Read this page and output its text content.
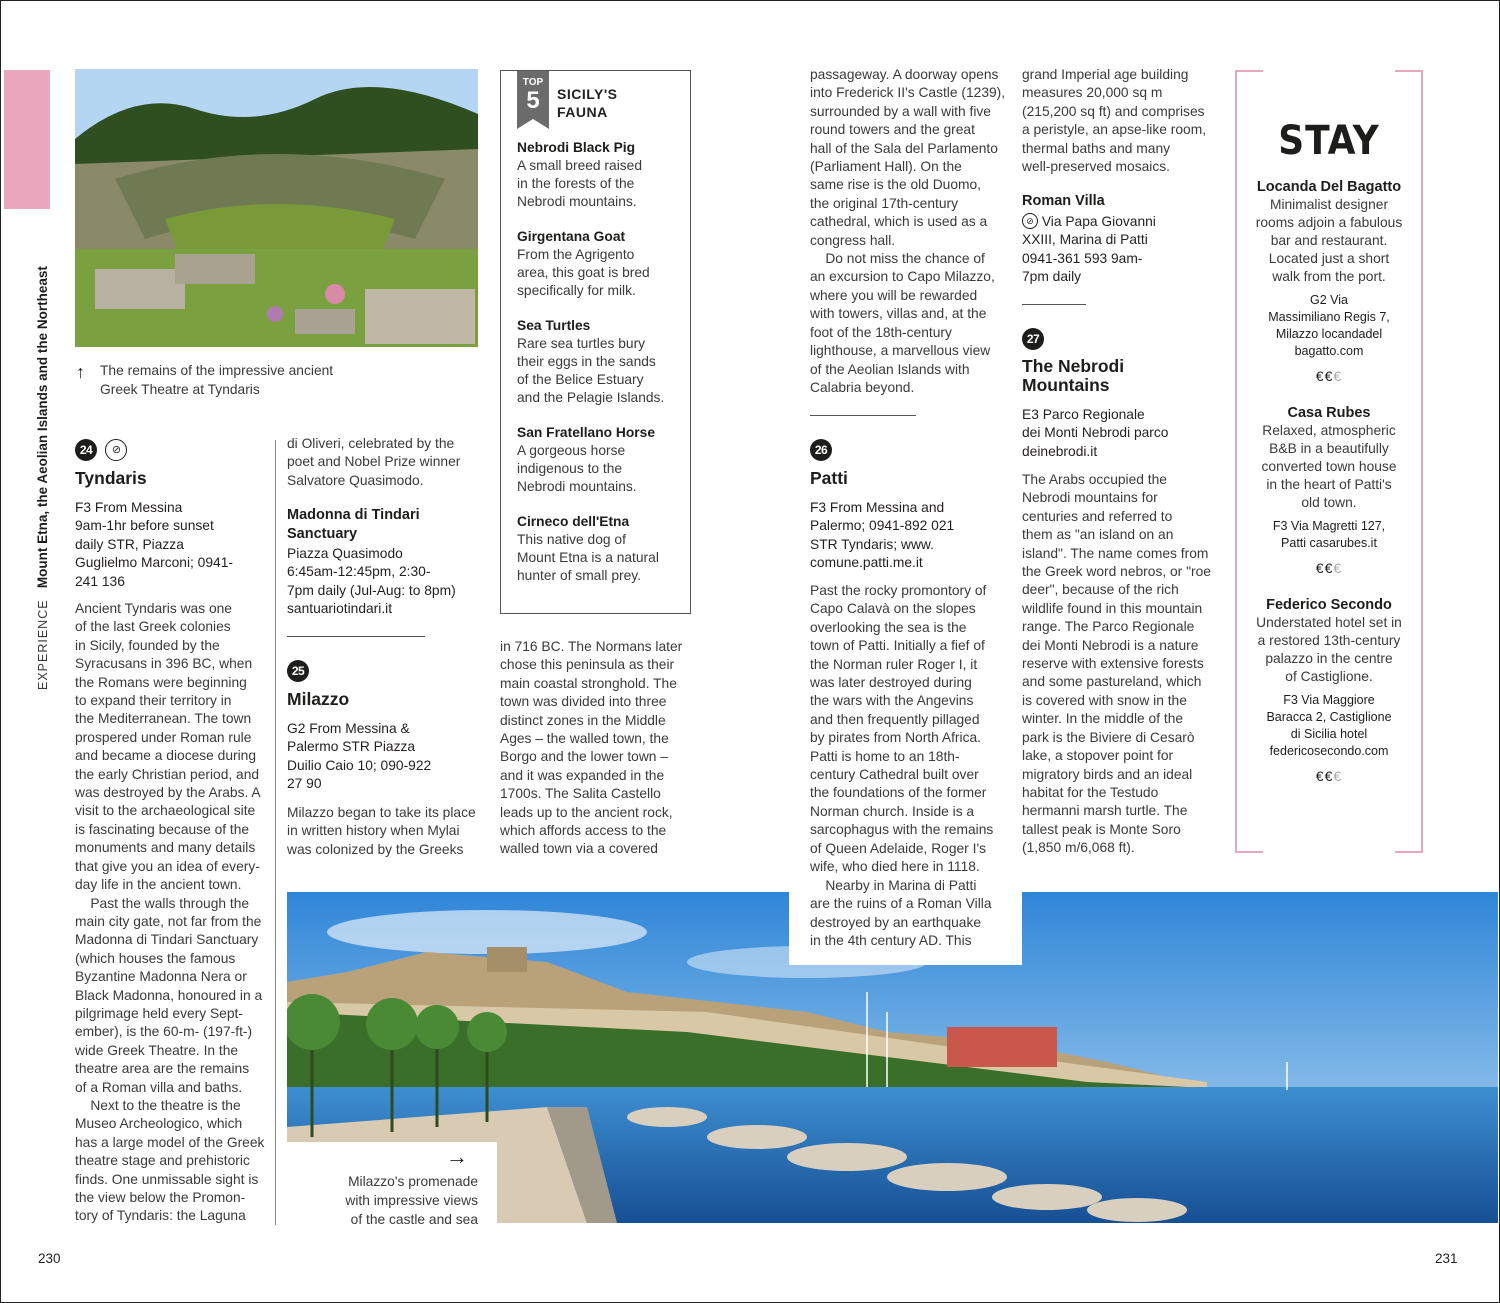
EXPERIENCE   Mount Etna, the Aeolian Islands and the Northeast ↑ The remains of the impressive ancient
Greek Theatre at Tyndaris
24 ⊘
Tyndaris
F3 From Messina
9am-1hr before sunset
daily STR, Piazza
Guglielmo Marconi; 0941-
241 136
Ancient Tyndaris was one
of the last Greek colonies
in Sicily, founded by the
Syracusans in 396 BC, when
the Romans were beginning
to expand their territory in
the Mediterranean. The town
prospered under Roman rule
and became a diocese during
the early Christian period, and
was destroyed by the Arabs. A
visit to the archaeological site
is fascinating because of the
monuments and many details
that give you an idea of every-
day life in the ancient town.
Past the walls through the
main city gate, not far from the
Madonna di Tindari Sanctuary
(which houses the famous
Byzantine Madonna Nera or
Black Madonna, honoured in a
pilgrimage held every Sept-
ember), is the 60-m- (197-ft-)
wide Greek Theatre. In the
theatre area are the remains
of a Roman villa and baths.
Next to the theatre is the
Museo Archeologico, which
has a large model of the Greek
theatre stage and prehistoric
finds. One unmissable sight is
the view below the Promon-
tory of Tyndaris: the Laguna
di Oliveri, celebrated by the
poet and Nobel Prize winner
Salvatore Quasimodo.
Madonna di Tindari
Sanctuary
Piazza Quasimodo
6:45am-12:45pm, 2:30-
7pm daily (Jul-Aug: to 8pm)
santuariotindari.it
25
Milazzo
G2 From Messina &
Palermo STR Piazza
Duilio Caio 10; 090-922
27 90
Milazzo began to take its place
in written history when Mylai
was colonized by the Greeks
TOP
5	SICILY'S
FAUNA
Nebrodi Black Pig
A small breed raised
in the forests of the
Nebrodi mountains.
Girgentana Goat
From the Agrigento
area, this goat is bred
specifically for milk.
Sea Turtles
Rare sea turtles bury
their eggs in the sands
of the Belice Estuary
and the Pelagie Islands.
San Fratellano Horse
A gorgeous horse
indigenous to the
Nebrodi mountains.
Cirneco dell'Etna
This native dog of
Mount Etna is a natural
hunter of small prey.
in 716 BC. The Normans later
chose this peninsula as their
main coastal stronghold. The
town was divided into three
distinct zones in the Middle
Ages – the walled town, the
Borgo and the lower town –
and it was expanded in the
1700s. The Salita Castello
leads up to the ancient rock,
which affords access to the
walled town via a covered
passageway. A doorway opens
into Frederick II's Castle (1239),
surrounded by a wall with five
round towers and the great
hall of the Sala del Parlamento
(Parliament Hall). On the
same rise is the old Duomo,
the original 17th-century
cathedral, which is used as a
congress hall.
Do not miss the chance of
an excursion to Capo Milazzo,
where you will be rewarded
with towers, villas and, at the
foot of the 18th-century
lighthouse, a marvellous view
of the Aeolian Islands with
Calabria beyond.
26
Patti
F3 From Messina and
Palermo; 0941-892 021
STR Tyndaris; www.
comune.patti.me.it
Past the rocky promontory of
Capo Calavà on the slopes
overlooking the sea is the
town of Patti. Initially a fief of
the Norman ruler Roger I, it
was later destroyed during
the wars with the Angevins
and then frequently pillaged
by pirates from North Africa.
Patti is home to an 18th-
century Cathedral built over
the foundations of the former
Norman church. Inside is a
sarcophagus with the remains
of Queen Adelaide, Roger I's
wife, who died here in 1118.
grand Imperial age building
measures 20,000 sq m
(215,200 sq ft) and comprises
a peristyle, an apse-like room,
thermal baths and many
well-preserved mosaics.
Roman Villa
⊘ Via Papa Giovanni
XXIII, Marina di Patti
0941-361 593 9am-
7pm daily
27
The Nebrodi
Mountains
E3 Parco Regionale
dei Monti Nebrodi parco
deinebrodi.it
The Arabs occupied the
Nebrodi mountains for
centuries and referred to
them as "an island on an
island". The name comes from
the Greek word nebros, or "roe
deer", because of the rich
wildlife found in this mountain
range. The Parco Regionale
dei Monti Nebrodi is a nature
reserve with extensive forests
and some pastureland, which
is covered with snow in the
winter. In the middle of the
park is the Biviere di Cesarò
lake, a stopover point for
migratory birds and an ideal
habitat for the Testudo
hermanni marsh turtle. The
tallest peak is Monte Soro
(1,850 m/6,068 ft).
STAY
Locanda Del Bagatto
Minimalist designer
rooms adjoin a fabulous
bar and restaurant.
Located just a short
walk from the port.
G2 Via
Massimiliano Regis 7,
Milazzo locandadel
bagatto.com
€€€
Casa Rubes
Relaxed, atmospheric
B&B in a beautifully
converted town house
in the heart of Patti's
old town.
F3 Via Magretti 127,
Patti casarubes.it
€€€
Federico Secondo
Understated hotel set in
a restored 13th-century
palazzo in the centre
of Castiglione.
F3 Via Maggiore
Baracca 2, Castiglione
di Sicilia hotel
federicosecondo.com
€€€
→
Milazzo's promenade
with impressive views
of the castle and sea
Nearby in Marina di Patti
are the ruins of a Roman Villa
destroyed by an earthquake
in the 4th century AD. This
230	231
